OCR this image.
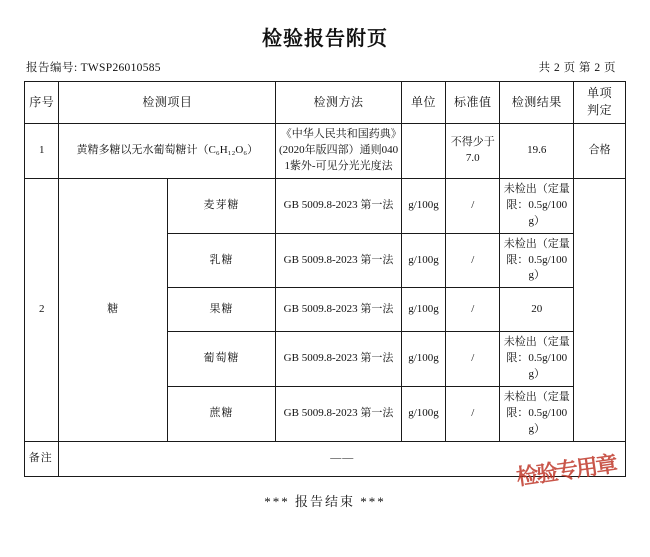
检验报告附页
报告编号: TWSP26010585	共 2 页 第 2 页
序号	检测项目		检测方法	单位	标准值	检测结果	单项
判定

1	黄精多糖以无水葡萄糖计（C₆H₁₂O₆）		《中华人民共和国药典》(2020年版四部）通则0401紫外-可见分光光度法		不得少于7.0	19.6	合格
2	糖	麦芽糖	GB 5009.8-2023 第一法	g/100g	/	未检出（定量
限：0.5g/100g）	

		乳糖	GB 5009.8-2023 第一法	g/100g	/	未检出（定量
限：0.5g/100g）	

		果糖	GB 5009.8-2023 第一法	g/100g	/	20	
		葡萄糖	GB 5009.8-2023 第一法	g/100g	/	未检出（定量
限：0.5g/100g）	

		蔗糖	GB 5009.8-2023 第一法	g/100g	/	未检出（定量
限：0.5g/100g）	

备注	——						
*** 报告结束 ***
检验专用章
